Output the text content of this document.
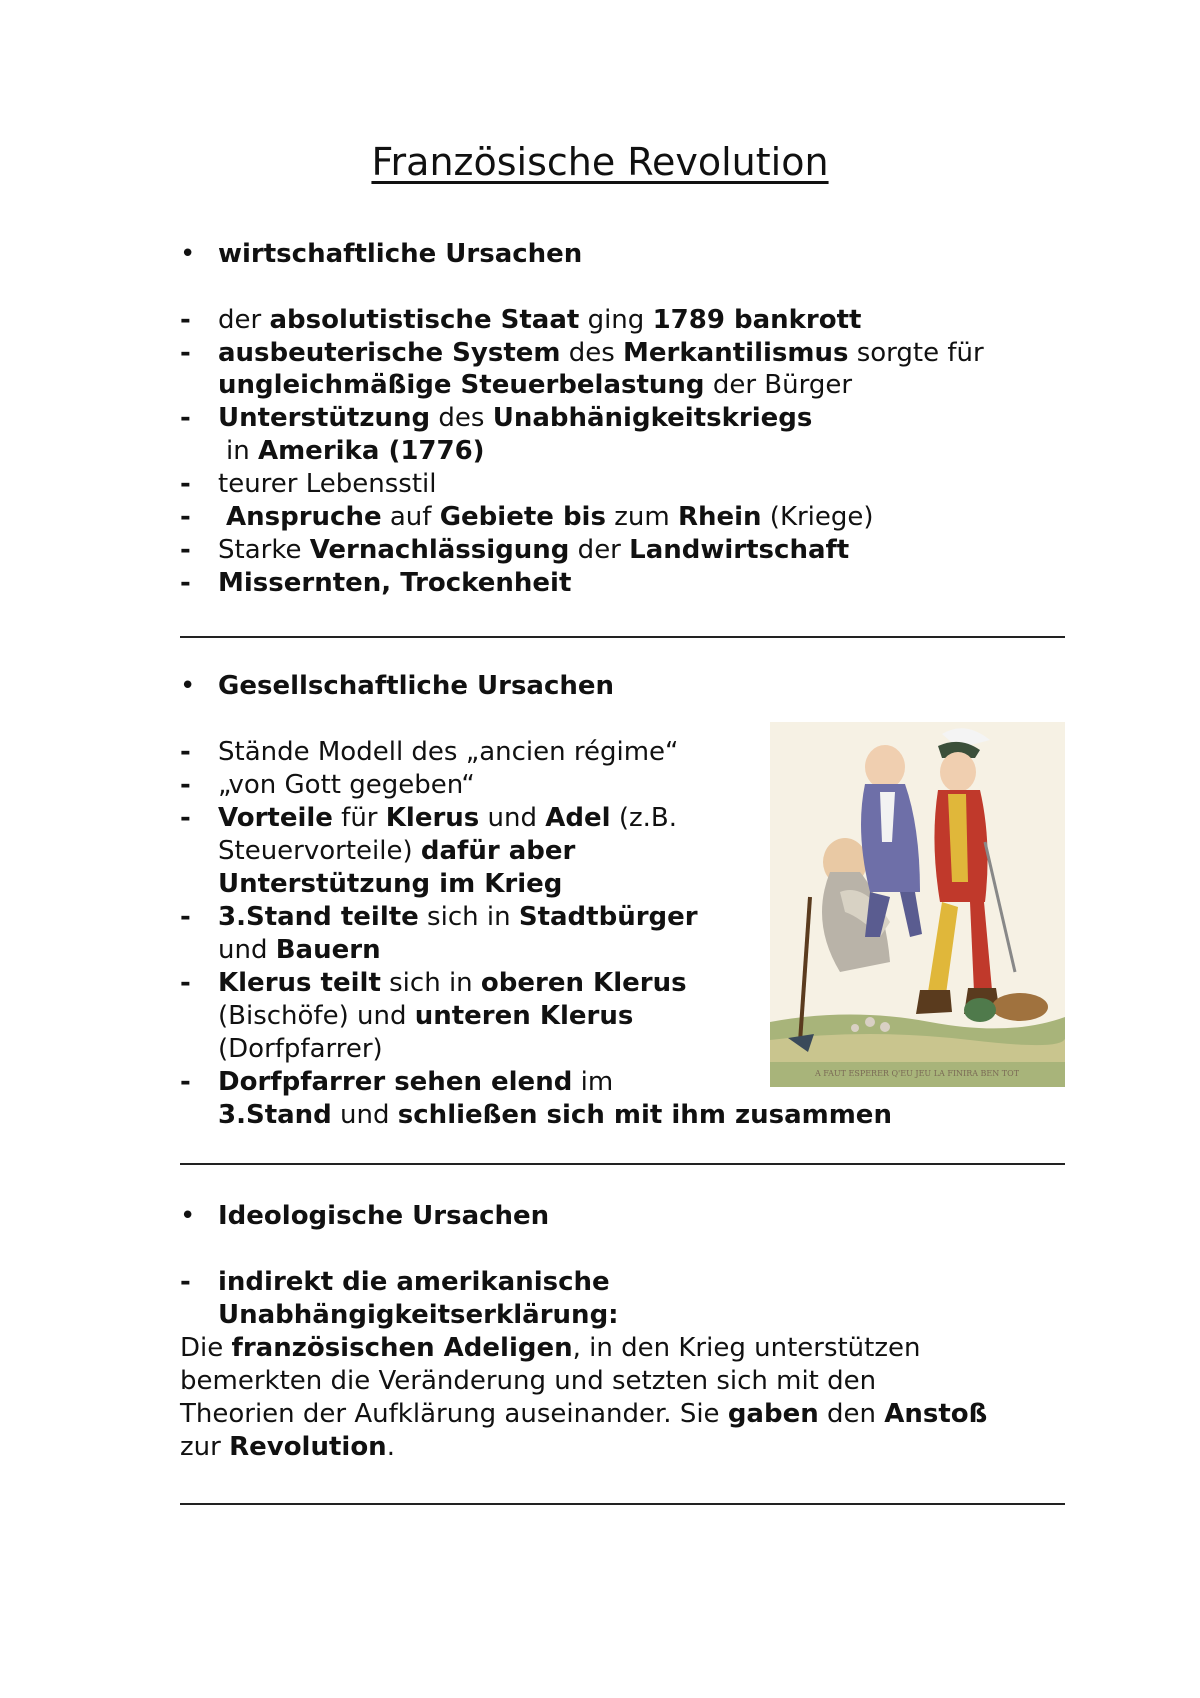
Französische Revolution
• wirtschaftliche Ursachen
- der absolutistische Staat ging 1789 bankrott
- ausbeuterische System des Merkantilismus sorgte für
ungleichmäßige Steuerbelastung der Bürger
- Unterstützung des Unabhänigkeitskriegs
in Amerika (1776)
- teurer Lebensstil
- Anspruche auf Gebiete bis zum Rhein (Kriege)
- Starke Vernachlässigung der Landwirtschaft
- Missernten, Trockenheit
• Gesellschaftliche Ursachen
- Stände Modell des „ancien régime“
- „von Gott gegeben“
- Vorteile für Klerus und Adel (z.B.
Steuervorteile) dafür aber
Unterstützung im Krieg
- 3.Stand teilte sich in Stadtbürger
und Bauern
- Klerus teilt sich in oberen Klerus
(Bischöfe) und unteren Klerus
(Dorfpfarrer)
- Dorfpfarrer sehen elend im
3.Stand und schließen sich mit ihm zusammen
A FAUT ESPERER Q'EU JEU LA FINIRA BEN TOT
• Ideologische Ursachen
- indirekt die amerikanische
Unabhängigkeitserklärung:
Die französischen Adeligen, in den Krieg unterstützen
bemerkten die Veränderung und setzten sich mit den
Theorien der Aufklärung auseinander. Sie gaben den Anstoß
zur Revolution.
